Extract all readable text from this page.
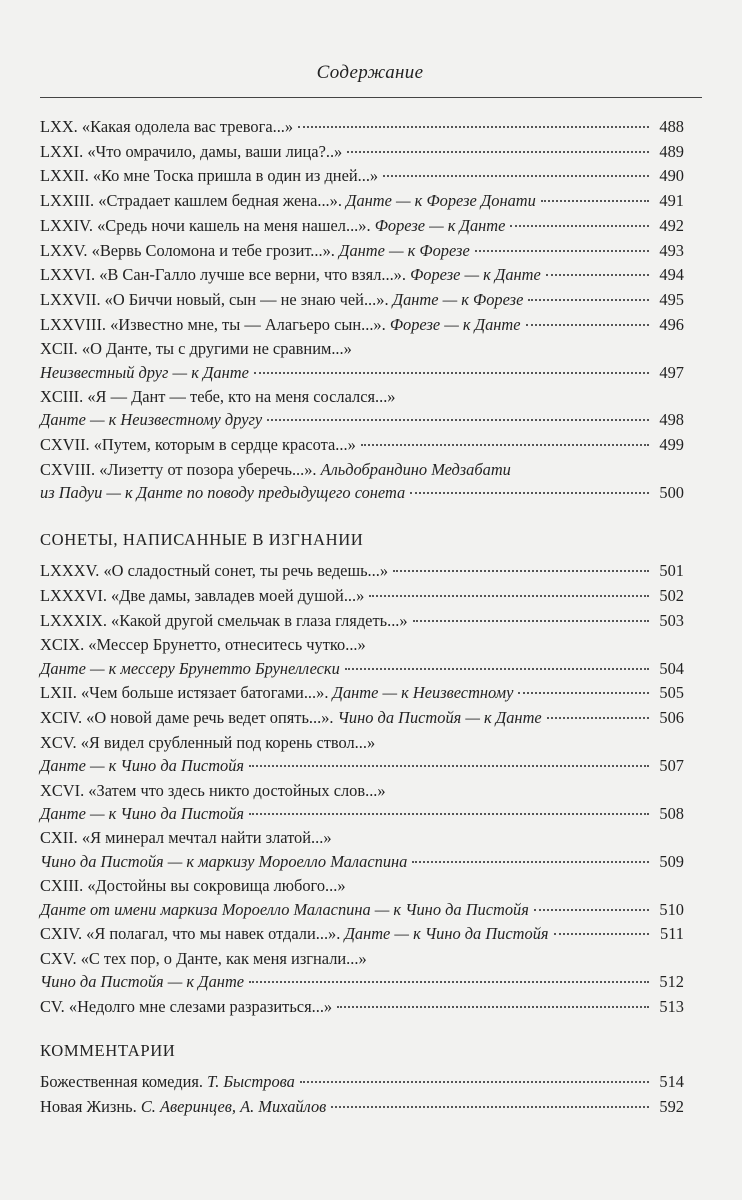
Содержание
LXX. «Какая одолела вас тревога...»	488
LXXI. «Что омрачило, дамы, ваши лица?..»	489
LXXII. «Ко мне Тоска пришла в один из дней...»	490
LXXIII. «Страдает кашлем бедная жена...». Данте — к Форезе Донати	491
LXXIV. «Средь ночи кашель на меня нашел...». Форезе — к Данте	492
LXXV. «Вервь Соломона и тебе грозит...». Данте — к Форезе	493
LXXVI. «В Сан-Галло лучше все верни, что взял...». Форезе — к Данте	494
LXXVII. «О Биччи новый, сын — не знаю чей...». Данте — к Форезе	495
LXXVIII. «Известно мне, ты — Алагьеро сын...». Форезе — к Данте	496
XCII. «О Данте, ты с другими не сравним...»
Неизвестный друг — к Данте	497
XCIII. «Я — Дант — тебе, кто на меня сослался...»
Данте — к Неизвестному другу	498
CXVII. «Путем, которым в сердце красота...»	499
CXVIII. «Лизетту от позора уберечь...». Альдобрандино Медзабати
из Падуи — к Данте по поводу предыдущего сонета	500
СОНЕТЫ, НАПИСАННЫЕ В ИЗГНАНИИ
LXXXV. «О сладостный сонет, ты речь ведешь...»	501
LXXXVI. «Две дамы, завладев моей душой...»	502
LXXXIX. «Какой другой смельчак в глаза глядеть...»	503
XCIX. «Мессер Брунетто, отнеситесь чутко...»
Данте — к мессеру Брунетто Брунеллески	504
LXII. «Чем больше истязает батогами...». Данте — к Неизвестному	505
XCIV. «О новой даме речь ведет опять...». Чино да Пистойя — к Данте	506
XCV. «Я видел срубленный под корень ствол...»
Данте — к Чино да Пистойя	507
XCVI. «Затем что здесь никто достойных слов...»
Данте — к Чино да Пистойя	508
CXII. «Я минерал мечтал найти златой...»
Чино да Пистойя — к маркизу Мороелло Маласпина	509
CXIII. «Достойны вы сокровища любого...»
Данте от имени маркиза Мороелло Маласпина — к Чино да Пистойя	510
CXIV. «Я полагал, что мы навек отдали...». Данте — к Чино да Пистойя	511
CXV. «С тех пор, о Данте, как меня изгнали...»
Чино да Пистойя — к Данте	512
CV. «Недолго мне слезами разразиться...»	513
КОММЕНТАРИИ
Божественная комедия. Т. Быстрова	514
Новая Жизнь. С. Аверинцев, А. Михайлов	592
